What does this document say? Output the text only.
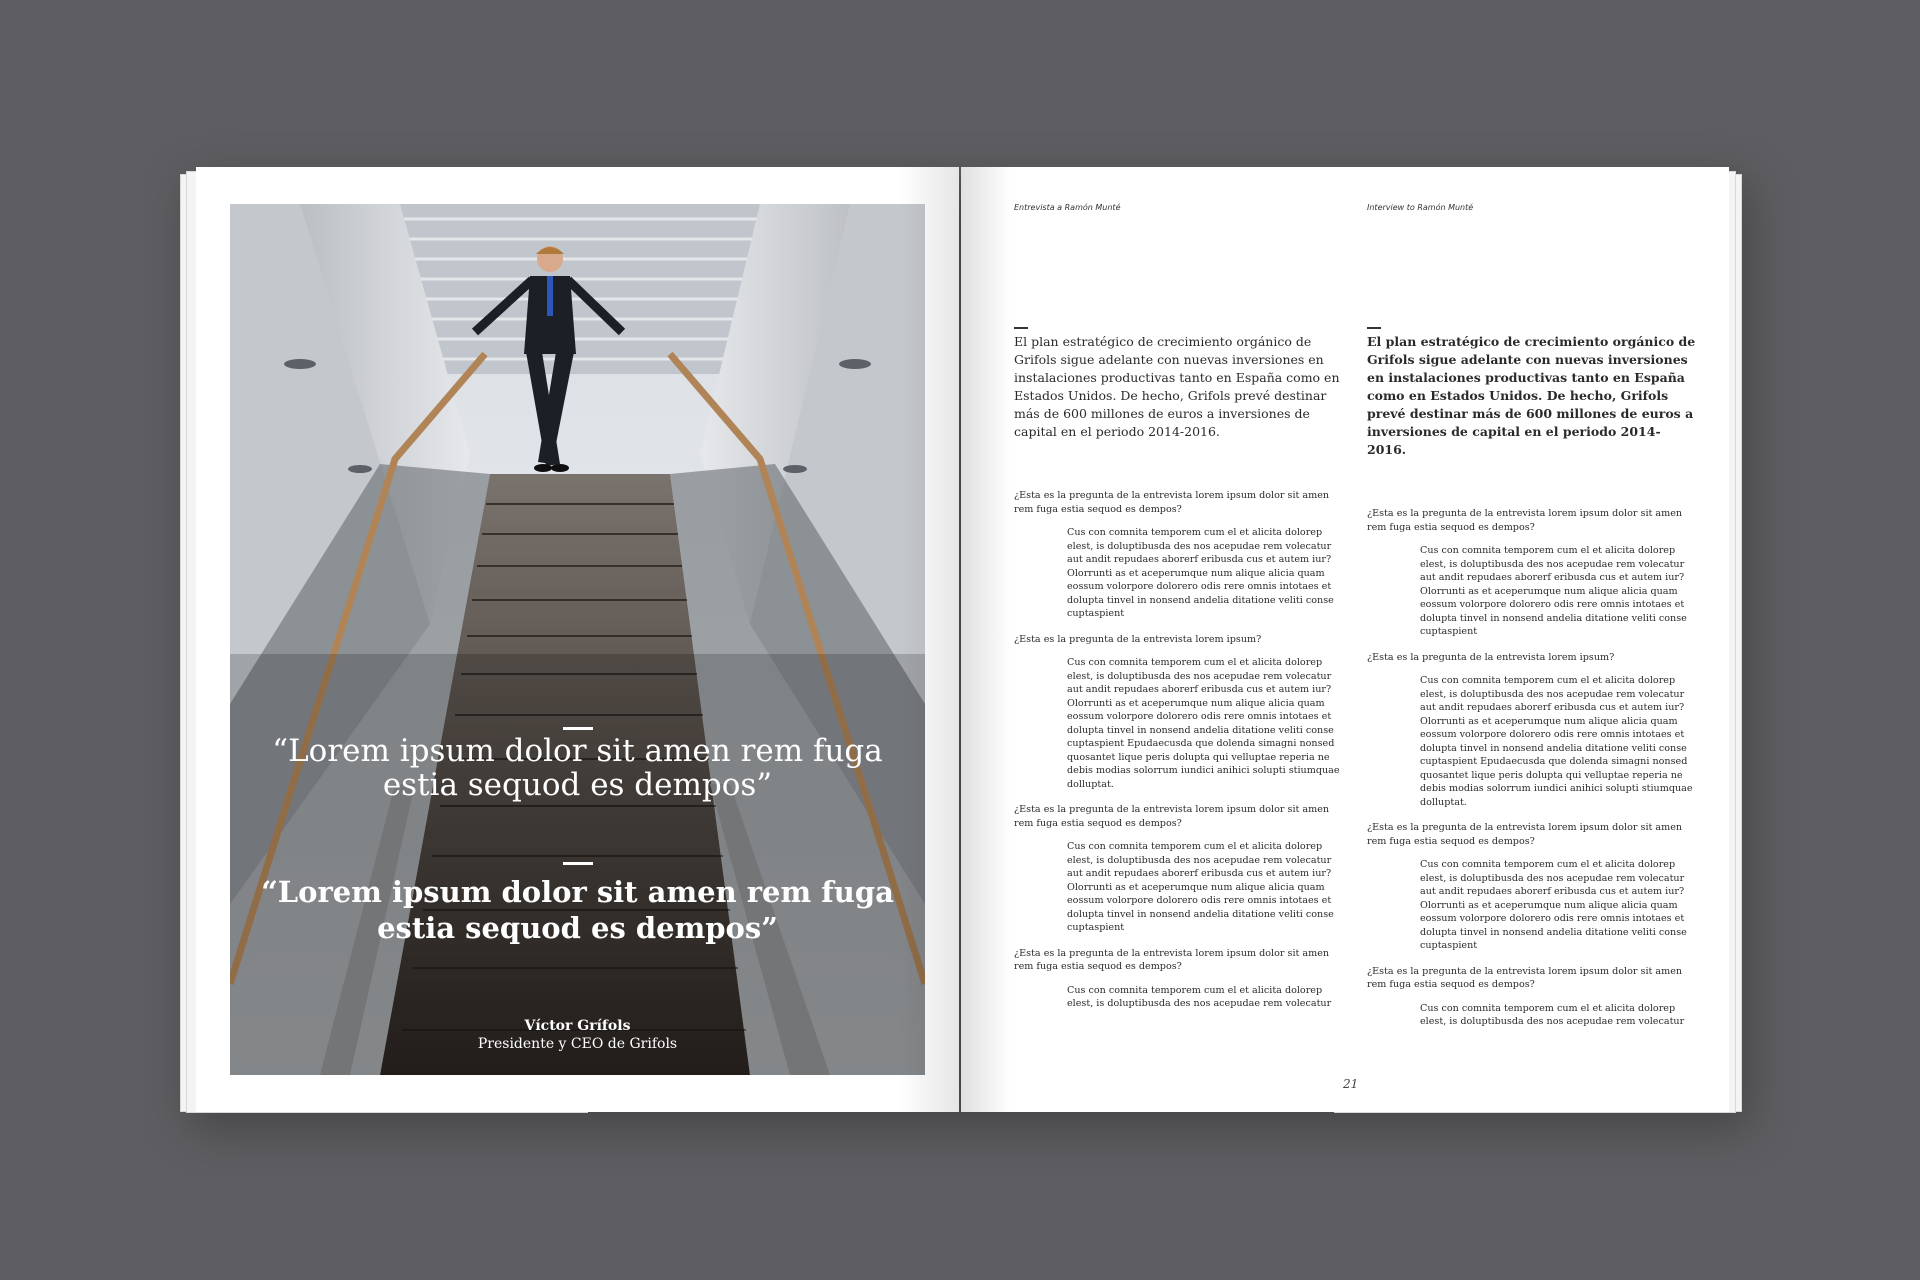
“Lorem ipsum dolor sit amen rem fuga estia sequod es dempos”
“Lorem ipsum dolor sit amen rem fuga estia sequod es dempos”
Víctor Grífols
Presidente y CEO de Grifols
Entrevista a Ramón Munté	Interview to Ramón Munté

El plan estratégico de crecimiento orgánico de Grifols sigue adelante con nuevas inversiones en instalaciones productivas tanto en España como en Estados Unidos. De hecho, Grifols prevé destinar más de 600 millones de euros a inversiones de capital en el periodo 2014-2016.

¿Esta es la pregunta de la entrevista lorem ipsum dolor sit amen rem fuga estia sequod es dempos?

Cus con comnita temporem cum el et alicita dolorep elest, is doluptibusda des nos acepudae rem volecatur aut andit repudaes aborerf eribusda cus et autem iur? Olorrunti as et aceperumque num alique alicia quam eossum volorpore dolorero odis rere omnis intotaes et dolupta tinvel in nonsend andelia ditatione veliti conse cuptaspient

¿Esta es la pregunta de la entrevista lorem ipsum?

Cus con comnita temporem cum el et alicita dolorep elest, is doluptibusda des nos acepudae rem volecatur aut andit repudaes aborerf eribusda cus et autem iur? Olorrunti as et aceperumque num alique alicia quam eossum volorpore dolorero odis rere omnis intotaes et dolupta tinvel in nonsend andelia ditatione veliti conse cuptaspient Epudaecusda que dolenda simagni nonsed quosantet lique peris dolupta qui velluptae reperia ne debis modias solorrum iundici anihici solupti stiumquae dolluptat.

¿Esta es la pregunta de la entrevista lorem ipsum dolor sit amen rem fuga estia sequod es dempos?

Cus con comnita temporem cum el et alicita dolorep elest, is doluptibusda des nos acepudae rem volecatur aut andit repudaes aborerf eribusda cus et autem iur? Olorrunti as et aceperumque num alique alicia quam eossum volorpore dolorero odis rere omnis intotaes et dolupta tinvel in nonsend andelia ditatione veliti conse cuptaspient

¿Esta es la pregunta de la entrevista lorem ipsum dolor sit amen rem fuga estia sequod es dempos?

Cus con comnita temporem cum el et alicita dolorep elest, is doluptibusda des nos acepudae rem volecatur

El plan estratégico de crecimiento orgánico de Grifols sigue adelante con nuevas inversiones en instalaciones productivas tanto en España como en Estados Unidos. De hecho, Grifols prevé destinar más de 600 millones de euros a inversiones de capital en el periodo 2014-2016.

¿Esta es la pregunta de la entrevista lorem ipsum dolor sit amen rem fuga estia sequod es dempos?

Cus con comnita temporem cum el et alicita dolorep elest, is doluptibusda des nos acepudae rem volecatur aut andit repudaes aborerf eribusda cus et autem iur? Olorrunti as et aceperumque num alique alicia quam eossum volorpore dolorero odis rere omnis intotaes et dolupta tinvel in nonsend andelia ditatione veliti conse cuptaspient

¿Esta es la pregunta de la entrevista lorem ipsum?

Cus con comnita temporem cum el et alicita dolorep elest, is doluptibusda des nos acepudae rem volecatur aut andit repudaes aborerf eribusda cus et autem iur? Olorrunti as et aceperumque num alique alicia quam eossum volorpore dolorero odis rere omnis intotaes et dolupta tinvel in nonsend andelia ditatione veliti conse cuptaspient Epudaecusda que dolenda simagni nonsed quosantet lique peris dolupta qui velluptae reperia ne debis modias solorrum iundici anihici solupti stiumquae dolluptat.

¿Esta es la pregunta de la entrevista lorem ipsum dolor sit amen rem fuga estia sequod es dempos?

Cus con comnita temporem cum el et alicita dolorep elest, is doluptibusda des nos acepudae rem volecatur aut andit repudaes aborerf eribusda cus et autem iur? Olorrunti as et aceperumque num alique alicia quam eossum volorpore dolorero odis rere omnis intotaes et dolupta tinvel in nonsend andelia ditatione veliti conse cuptaspient

¿Esta es la pregunta de la entrevista lorem ipsum dolor sit amen rem fuga estia sequod es dempos?

Cus con comnita temporem cum el et alicita dolorep elest, is doluptibusda des nos acepudae rem volecatur

21
